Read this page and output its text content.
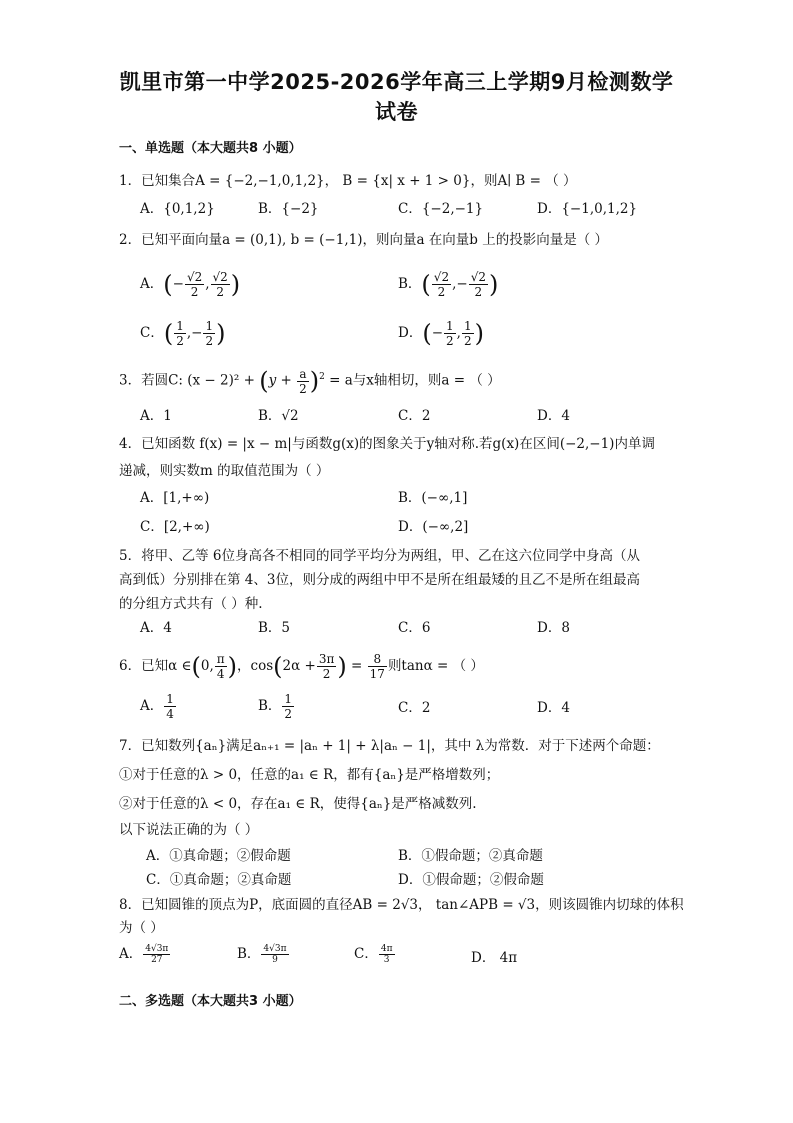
凯里市第一中学2025-2026学年高三上学期9月检测数学
试卷
一、单选题（本大题共8 小题）
1．已知集合A = {−2,−1,0,1,2}， B = {x| x + 1 > 0}，则A∣ B = （ ）
A．{0,1,2}	B．{−2}	C．{−2,−1}	D．{−1,0,1,2}
2．已知平面向量a = (0,1), b = (−1,1)，则向量a 在向量b 上的投影向量是（ ）
A．(− $\frac{√2}{2}$ , $\frac{√2}{2}$ )	B．( $\frac{√2}{2}$ ,− $\frac{√2}{2}$ )
C．( $\frac{1}{2}$ ,− $\frac{1}{2}$ )	D．(− $\frac{1}{2}$ , $\frac{1}{2}$ )
3．若圆C: $(x - 2)^2 + (y + \frac{a}{2} )^2 = a$与x轴相切，则a = （ ）
A．1	B．√2	C．2	D．4
4．已知函数 f(x) = |x − m|与函数g(x)的图象关于y轴对称.若g(x)在区间(−2,−1)内单调
递减，则实数m 的取值范围为（ ）
A．[1,+∞)	B．(−∞,1]
C．[2,+∞)	D．(−∞,2]
5．将甲、乙等 6位身高各不相同的同学平均分为两组，甲、乙在这六位同学中身高（从
高到低）分别排在第 4、3位，则分成的两组中甲不是所在组最矮的且乙不是所在组最高
的分组方式共有（ ）种.
A．4	B．5	C．6	D．8
6．已知α ∈(0, $\frac{\pi}{4}$ )，$\cos(2\alpha + \frac{3\pi}{2}$ ) = $\frac{8}{17}$ 则tanα = （ ）
A． $\frac{1}{4}$	B． $\frac{1}{2}$	C．2	D．4
7．已知数列{aₙ}满足aₙ₊₁ = |aₙ + 1| + λ|aₙ − 1|，其中 λ为常数．对于下述两个命题：
①对于任意的λ > 0，任意的a₁ ∈ R，都有{aₙ}是严格增数列；
②对于任意的λ < 0，存在a₁ ∈ R，使得{aₙ}是严格减数列.
以下说法正确的为（ ）
A．①真命题；②假命题	B．①假命题；②真命题
C．①真命题；②真命题	D．①假命题；②假命题
8．已知圆锥的顶点为P，底面圆的直径AB = 2√3， tan∠APB = √3，则该圆锥内切球的体积
为（ ）
A． $\frac{4√3\pi}{27}$	B． $\frac{4√3\pi}{9}$	C． $\frac{4\pi}{3}$	D． 4π
二、多选题（本大题共3 小题）
